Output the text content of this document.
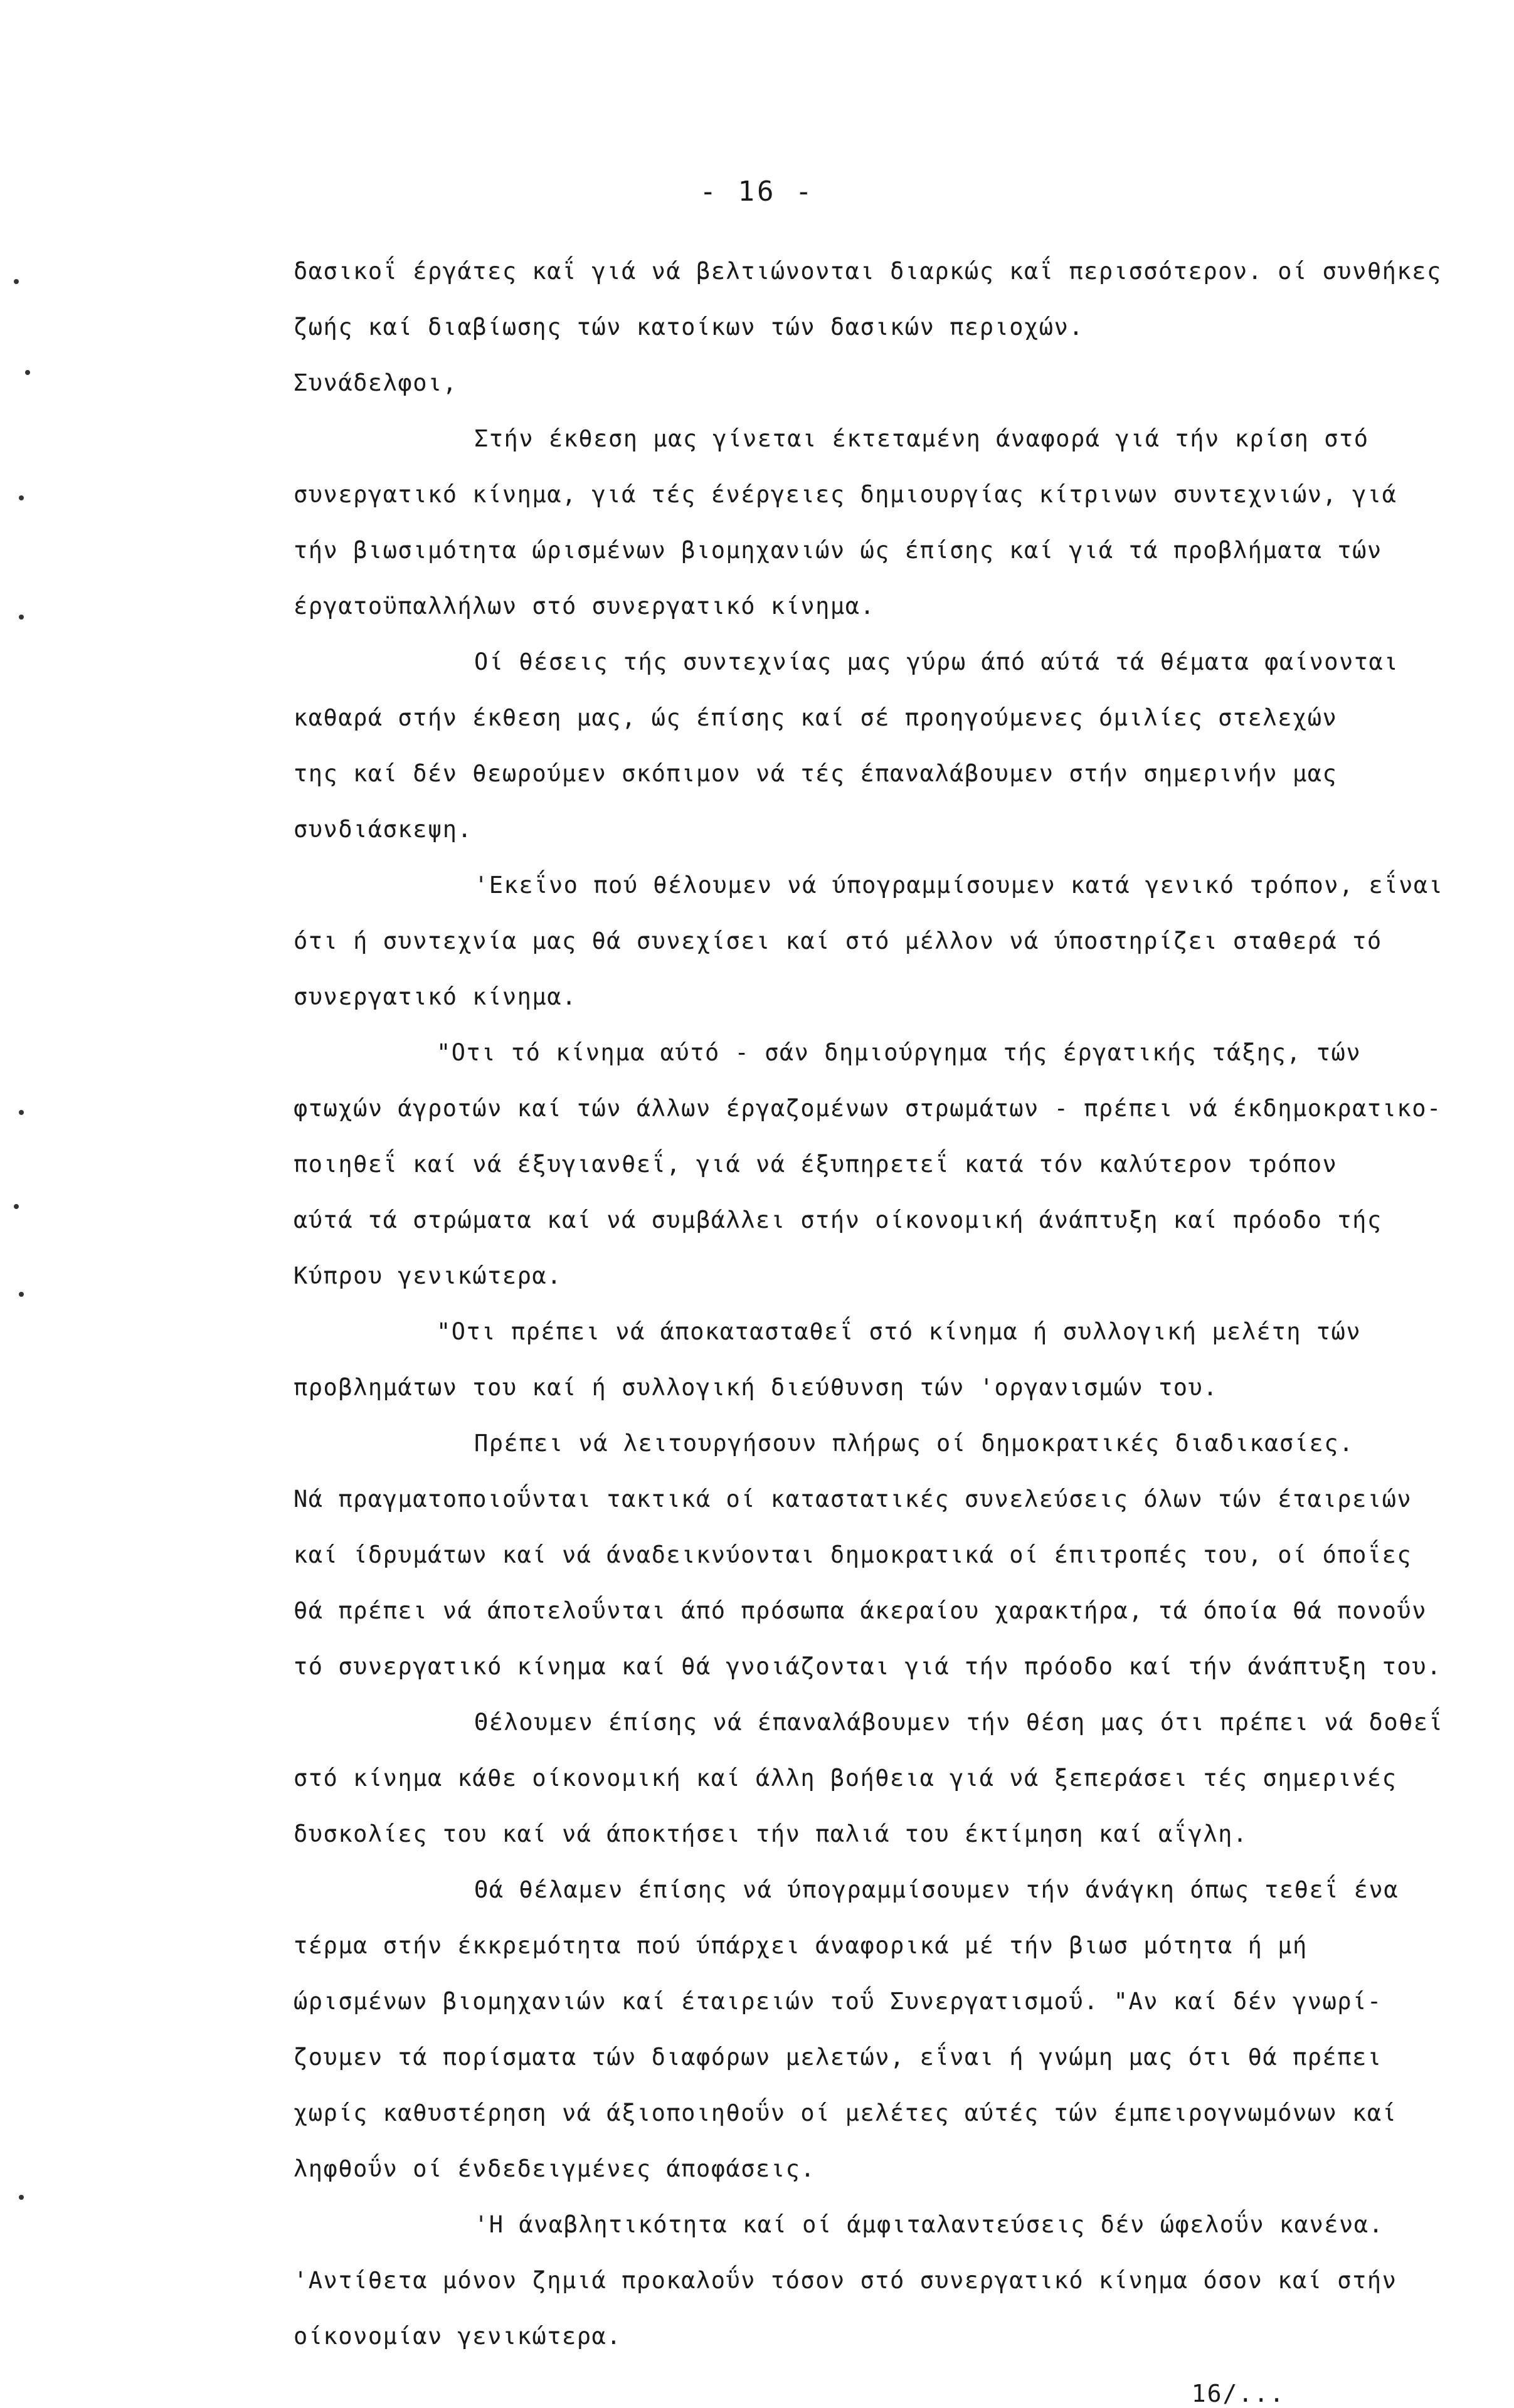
- 16 -
δασικοΐ έργάτες καΐ γιά νά βελτιώνονται διαρκώς καΐ περισσότερον. οί συνθήκες
ζωής καί διαβίωσης τών κατοίκων τών δασικών περιοχών.
Συνάδελφοι,
Στήν έκθεση μας γίνεται έκτεταμένη άναφορά γιά τήν κρίση στό
συνεργατικό κίνημα, γιά τές ένέργειες δημιουργίας κίτρινων συντεχνιών, γιά
τήν βιωσιμότητα ώρισμένων βιομηχανιών ώς έπίσης καί γιά τά προβλήματα τών
έργατοϋπαλλήλων στό συνεργατικό κίνημα.
Οί θέσεις τής συντεχνίας μας γύρω άπό αύτά τά θέματα φαίνονται
καθαρά στήν έκθεση μας, ώς έπίσης καί σέ προηγούμενες όμιλίες στελεχών
της καί δέν θεωρούμεν σκόπιμον νά τές έπαναλάβουμεν στήν σημερινήν μας
συνδιάσκεψη.
'Εκεΐνο πού θέλουμεν νά ύπογραμμίσουμεν κατά γενικό τρόπον, εΐναι
ότι ή συντεχνία μας θά συνεχίσει καί στό μέλλον νά ύποστηρίζει σταθερά τό
συνεργατικό κίνημα.
"Οτι τό κίνημα αύτό - σάν δημιούργημα τής έργατικής τάξης, τών
φτωχών άγροτών καί τών άλλων έργαζομένων στρωμάτων - πρέπει νά έκδημοκρατικο-
ποιηθεΐ καί νά έξυγιανθεΐ, γιά νά έξυπηρετεΐ κατά τόν καλύτερον τρόπον
αύτά τά στρώματα καί νά συμβάλλει στήν οίκονομική άνάπτυξη καί πρόοδο τής
Κύπρου γενικώτερα.
"Οτι πρέπει νά άποκατασταθεΐ στό κίνημα ή συλλογική μελέτη τών
προβλημάτων του καί ή συλλογική διεύθυνση τών 'οργανισμών του.
Πρέπει νά λειτουργήσουν πλήρως οί δημοκρατικές διαδικασίες.
Νά πραγματοποιοΰνται τακτικά οί καταστατικές συνελεύσεις όλων τών έταιρειών
καί ίδρυμάτων καί νά άναδεικνύονται δημοκρατικά οί έπιτροπές του, οί όποΐες
θά πρέπει νά άποτελοΰνται άπό πρόσωπα άκεραίου χαρακτήρα, τά όποία θά πονοΰν
τό συνεργατικό κίνημα καί θά γνοιάζονται γιά τήν πρόοδο καί τήν άνάπτυξη του.
Θέλουμεν έπίσης νά έπαναλάβουμεν τήν θέση μας ότι πρέπει νά δοθεΐ
στό κίνημα κάθε οίκονομική καί άλλη βοήθεια γιά νά ξεπεράσει τές σημερινές
δυσκολίες του καί νά άποκτήσει τήν παλιά του έκτίμηση καί αΐγλη.
Θά θέλαμεν έπίσης νά ύπογραμμίσουμεν τήν άνάγκη όπως τεθεΐ ένα
τέρμα στήν έκκρεμότητα πού ύπάρχει άναφορικά μέ τήν βιωσ μότητα ή μή
ώρισμένων βιομηχανιών καί έταιρειών τοΰ Συνεργατισμοΰ. "Αν καί δέν γνωρί-
ζουμεν τά πορίσματα τών διαφόρων μελετών, εΐναι ή γνώμη μας ότι θά πρέπει
χωρίς καθυστέρηση νά άξιοποιηθοΰν οί μελέτες αύτές τών έμπειρογνωμόνων καί
ληφθοΰν οί ένδεδειγμένες άποφάσεις.
'Η άναβλητικότητα καί οί άμφιταλαντεύσεις δέν ώφελοΰν κανένα.
'Αντίθετα μόνον ζημιά προκαλοΰν τόσον στό συνεργατικό κίνημα όσον καί στήν
οίκονομίαν γενικώτερα.
16/...
